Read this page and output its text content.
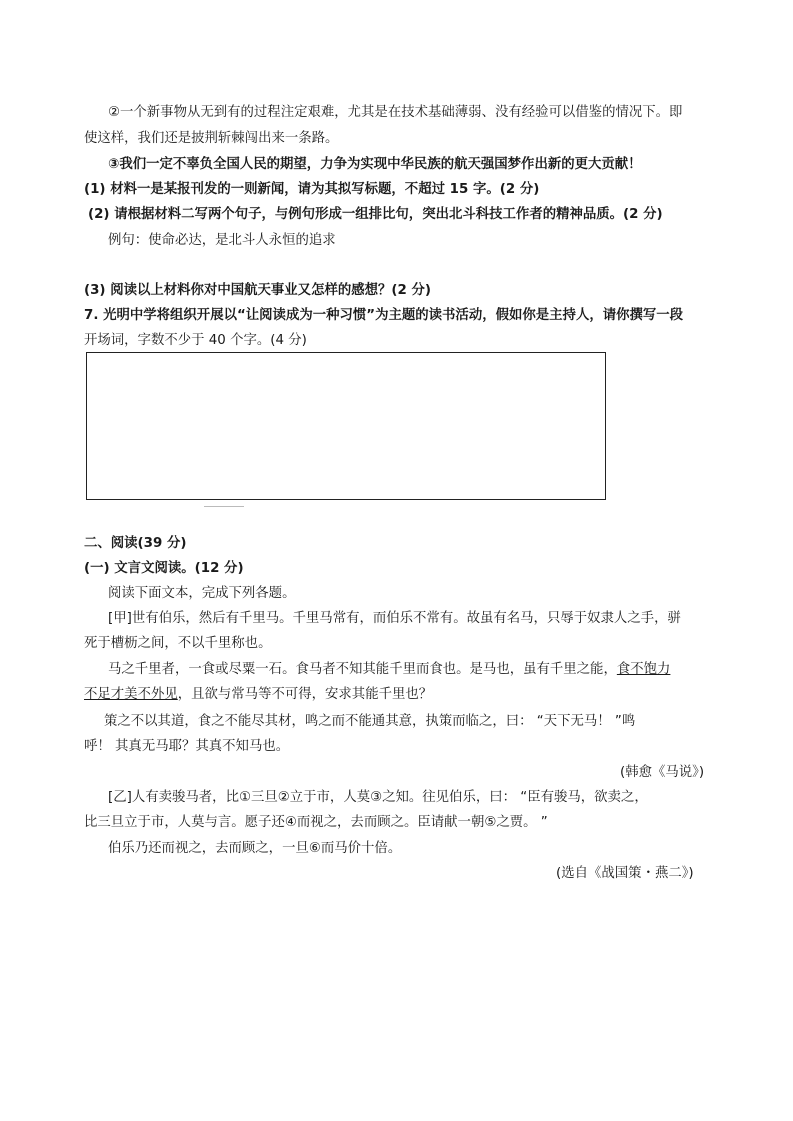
②一个新事物从无到有的过程注定艰难，尤其是在技术基础薄弱、没有经验可以借鉴的情况下。即
使这样，我们还是披荆斩棘闯出来一条路。
③我们一定不辜负全国人民的期望，力争为实现中华民族的航天强国梦作出新的更大贡献！
(1) 材料一是某报刊发的一则新闻，请为其拟写标题，不超过 15 字。(2 分)
(2) 请根据材料二写两个句子，与例句形成一组排比句，突出北斗科技工作者的精神品质。(2 分)
例句：使命必达，是北斗人永恒的追求
(3) 阅读以上材料你对中国航天事业又怎样的感想？(2 分)
7. 光明中学将组织开展以“让阅读成为一种习惯”为主题的读书活动，假如你是主持人，请你撰写一段
开场词，字数不少于 40 个字。(4 分)
二、阅读(39 分)
(一) 文言文阅读。(12 分)
阅读下面文本，完成下列各题。
[甲]世有伯乐，然后有千里马。千里马常有，而伯乐不常有。故虽有名马，只辱于奴隶人之手，骈
死于槽枥之间，不以千里称也。
马之千里者，一食或尽粟一石。食马者不知其能千里而食也。是马也，虽有千里之能，食不饱力
不足才美不外见，且欲与常马等不可得，安求其能千里也？
策之不以其道，食之不能尽其材，鸣之而不能通其意，执策而临之，曰： “天下无马！ ”鸣
呼！ 其真无马耶？其真不知马也。
(韩愈《马说》)
[乙]人有卖骏马者，比①三旦②立于市，人莫③之知。往见伯乐，曰： “臣有骏马，欲卖之，
比三旦立于市，人莫与言。愿子还④而视之，去而顾之。臣请献一朝⑤之贾。 ”
伯乐乃还而视之，去而顾之，一旦⑥而马价十倍。
(选自《战国策・燕二》)
